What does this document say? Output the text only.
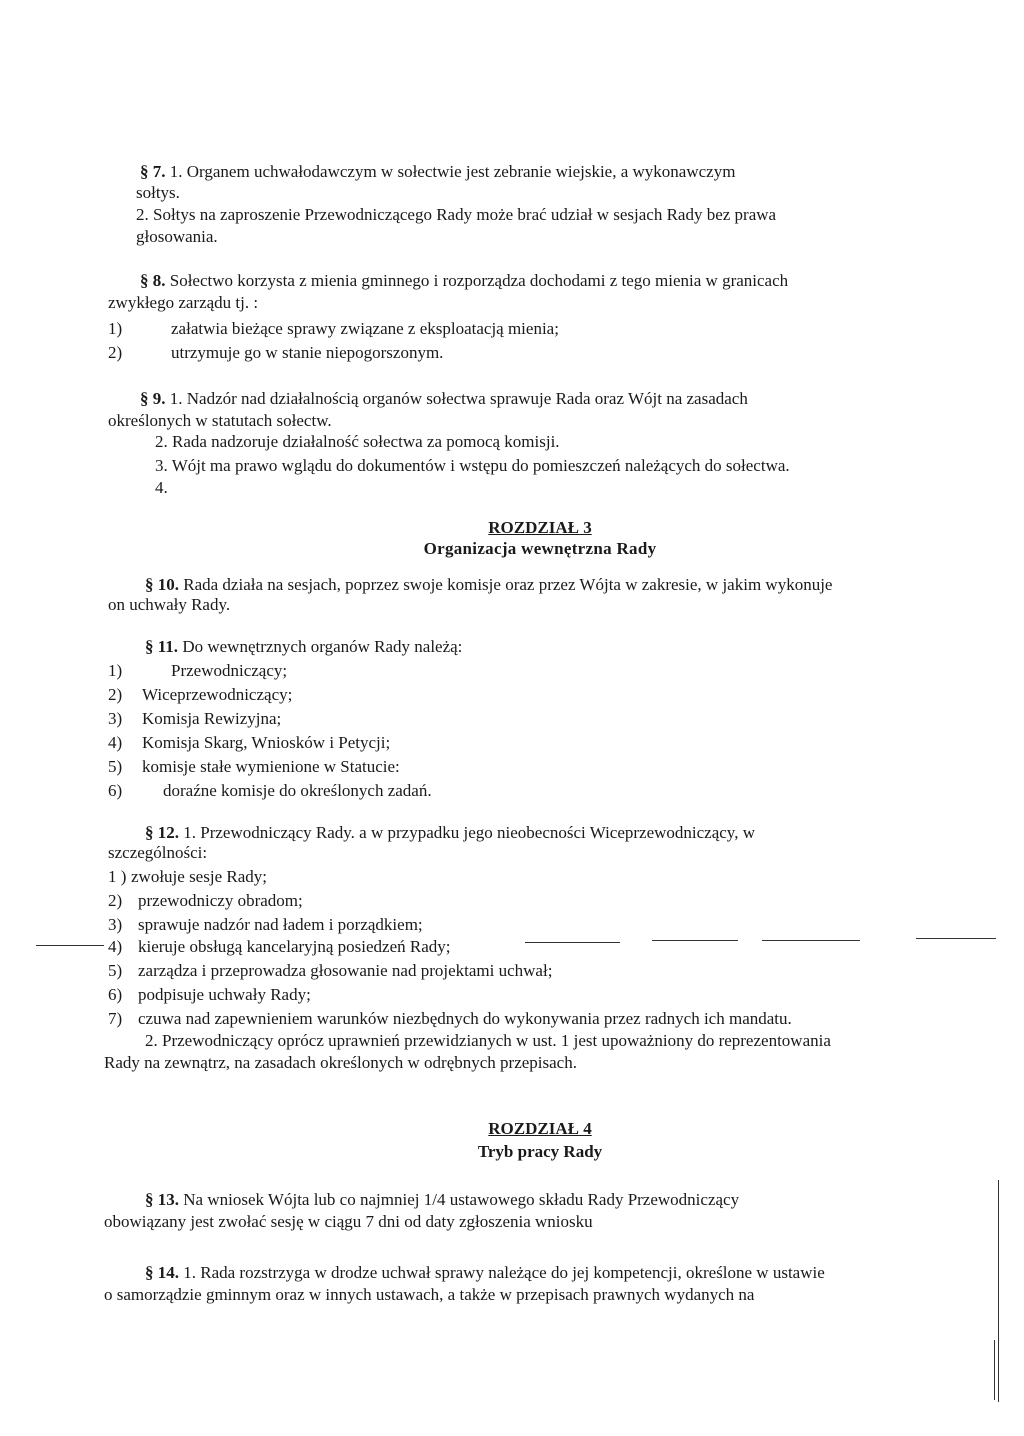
§ 7. 1. Organem uchwałodawczym w sołectwie jest zebranie wiejskie, a wykonawczym
sołtys.
2. Sołtys na zaproszenie Przewodniczącego Rady może brać udział w sesjach Rady bez prawa
głosowania.
§ 8. Sołectwo korzysta z mienia gminnego i rozporządza dochodami z tego mienia w granicach
zwykłego zarządu tj. :
1)	załatwia bieżące sprawy związane z eksploatacją mienia;
2)	utrzymuje go w stanie niepogorszonym.
§ 9. 1. Nadzór nad działalnością organów sołectwa sprawuje Rada oraz Wójt na zasadach
określonych w statutach sołectw.
2. Rada nadzoruje działalność sołectwa za pomocą komisji.
3. Wójt ma prawo wglądu do dokumentów i wstępu do pomieszczeń należących do sołectwa.
4.
ROZDZIAŁ 3
Organizacja wewnętrzna Rady
§ 10. Rada działa na sesjach, poprzez swoje komisje oraz przez Wójta w zakresie, w jakim wykonuje
on uchwały Rady.
§ 11. Do wewnętrznych organów Rady należą:
1)	Przewodniczący;
2) Wiceprzewodniczący;
3) Komisja Rewizyjna;
4) Komisja Skarg, Wniosków i Petycji;
5) komisje stałe wymienione w Statucie:
6) doraźne komisje do określonych zadań.
§ 12. 1. Przewodniczący Rady. a w przypadku jego nieobecności Wiceprzewodniczący, w
szczególności:
1 ) zwołuje sesje Rady;
2) przewodniczy obradom;
3) sprawuje nadzór nad ładem i porządkiem;
4) kieruje obsługą kancelaryjną posiedzeń Rady;
5) zarządza i przeprowadza głosowanie nad projektami uchwał;
6) podpisuje uchwały Rady;
7) czuwa nad zapewnieniem warunków niezbędnych do wykonywania przez radnych ich mandatu.
2. Przewodniczący oprócz uprawnień przewidzianych w ust. 1 jest upoważniony do reprezentowania
Rady na zewnątrz, na zasadach określonych w odrębnych przepisach.
ROZDZIAŁ 4
Tryb pracy Rady
§ 13. Na wniosek Wójta lub co najmniej 1/4 ustawowego składu Rady Przewodniczący
obowiązany jest zwołać sesję w ciągu 7 dni od daty zgłoszenia wniosku
§ 14. 1. Rada rozstrzyga w drodze uchwał sprawy należące do jej kompetencji, określone w ustawie
o samorządzie gminnym oraz w innych ustawach, a także w przepisach prawnych wydanych na
